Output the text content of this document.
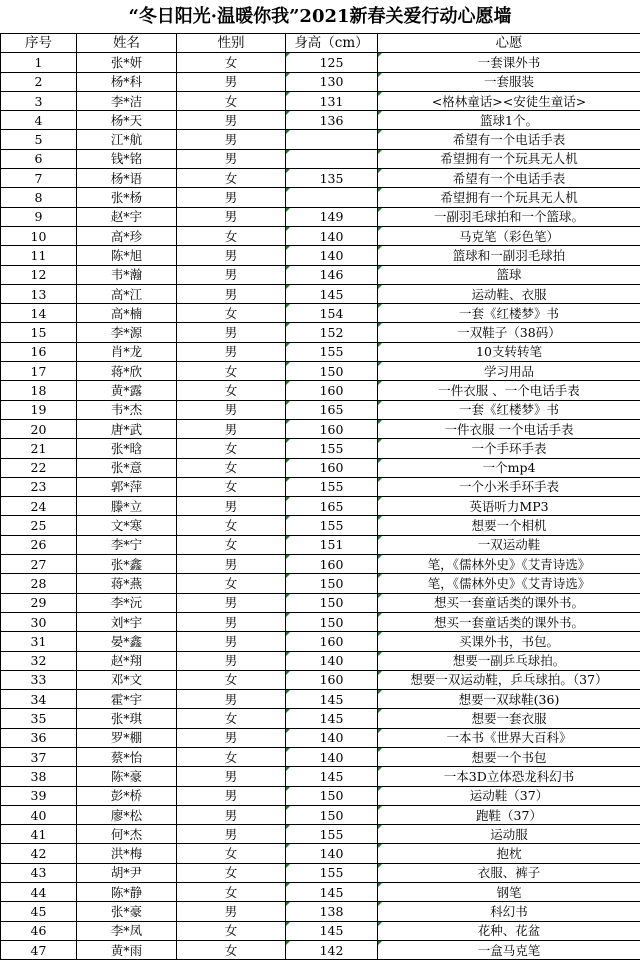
“冬日阳光·温暖你我”2021新春关爱行动心愿墙
序号	姓名	性别	身高（cm）	心愿
1	张*妍	女	125	一套课外书
2	杨*科	男	130	一套服装
3	李*洁	女	131	<格林童话><安徒生童话>
4	杨*天	男	136	篮球1个。
5	江*航	男		希望有一个电话手表
6	钱*铭	男		希望拥有一个玩具无人机
7	杨*语	女	135	希望有一个电话手表
8	张*杨	男		希望拥有一个玩具无人机
9	赵*宇	男	149	一副羽毛球拍和一个篮球。
10	高*珍	女	140	马克笔（彩色笔）
11	陈*旭	男	140	篮球和一副羽毛球拍
12	韦*瀚	男	146	篮球
13	高*江	男	145	运动鞋、衣服
14	高*楠	女	154	一套《红楼梦》书
15	李*源	男	152	一双鞋子（38码）
16	肖*龙	男	155	10支转转笔
17	蒋*欣	女	150	学习用品
18	黄*露	女	160	一件衣服 、一个电话手表
19	韦*杰	男	165	一套《红楼梦》书
20	唐*武	男	160	一件衣服 一个电话手表
21	张*晗	女	155	一个手环手表
22	张*意	女	160	一个mp4
23	郭*萍	女	155	一个小米手环手表
24	滕*立	男	165	英语听力MP3
25	文*寒	女	155	想要一个相机
26	李*宁	女	151	一双运动鞋
27	张*鑫	男	160	笔，《儒林外史》《艾青诗选》
28	蒋*燕	女	150	笔，《儒林外史》《艾青诗选》
29	李*沅	男	150	想买一套童话类的课外书。
30	刘*宇	男	150	想买一套童话类的课外书。
31	晏*鑫	男	160	买课外书，书包。
32	赵*翔	男	140	想要一副乒乓球拍。
33	邓*文	女	160	想要一双运动鞋，乒乓球拍。（37）
34	霍*宇	男	145	想要一双球鞋(36)
35	张*琪	女	145	想要一套衣服
36	罗*棚	男	140	一本书《世界大百科》
37	蔡*怡	女	140	想要一个书包
38	陈*豪	男	145	一本3D立体恐龙科幻书
39	彭*桥	男	150	运动鞋（37）
40	廖*松	男	150	跑鞋（37）
41	何*杰	男	155	运动服
42	洪*梅	女	140	抱枕
43	胡*尹	女	155	衣服、裤子
44	陈*静	女	145	钢笔
45	张*豪	男	138	科幻书
46	李*凤	女	145	花种、花盆
47	黄*雨	女	142	一盒马克笔
